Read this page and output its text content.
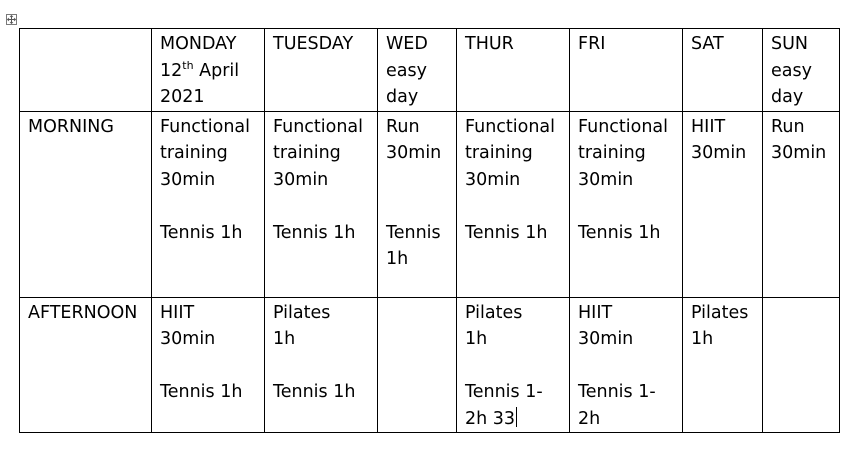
	MONDAY
12th April
2021	TUESDAY	WED
easy
day	THUR	FRI	SAT	SUN
easy
day

MORNING	Functional
training
30min
Tennis 1h	Functional
training
30min
Tennis 1h	Run
30min
Tennis
1h	Functional
training
30min
Tennis 1h	Functional
training
30min
Tennis 1h	HIIT
30min	Run
30min

AFTERNOON	HIIT
30min
Tennis 1h	Pilates
1h
Tennis 1h		Pilates
1h
Tennis 1-
2h 33	HIIT
30min
Tennis 1-
2h	Pilates
1h	
